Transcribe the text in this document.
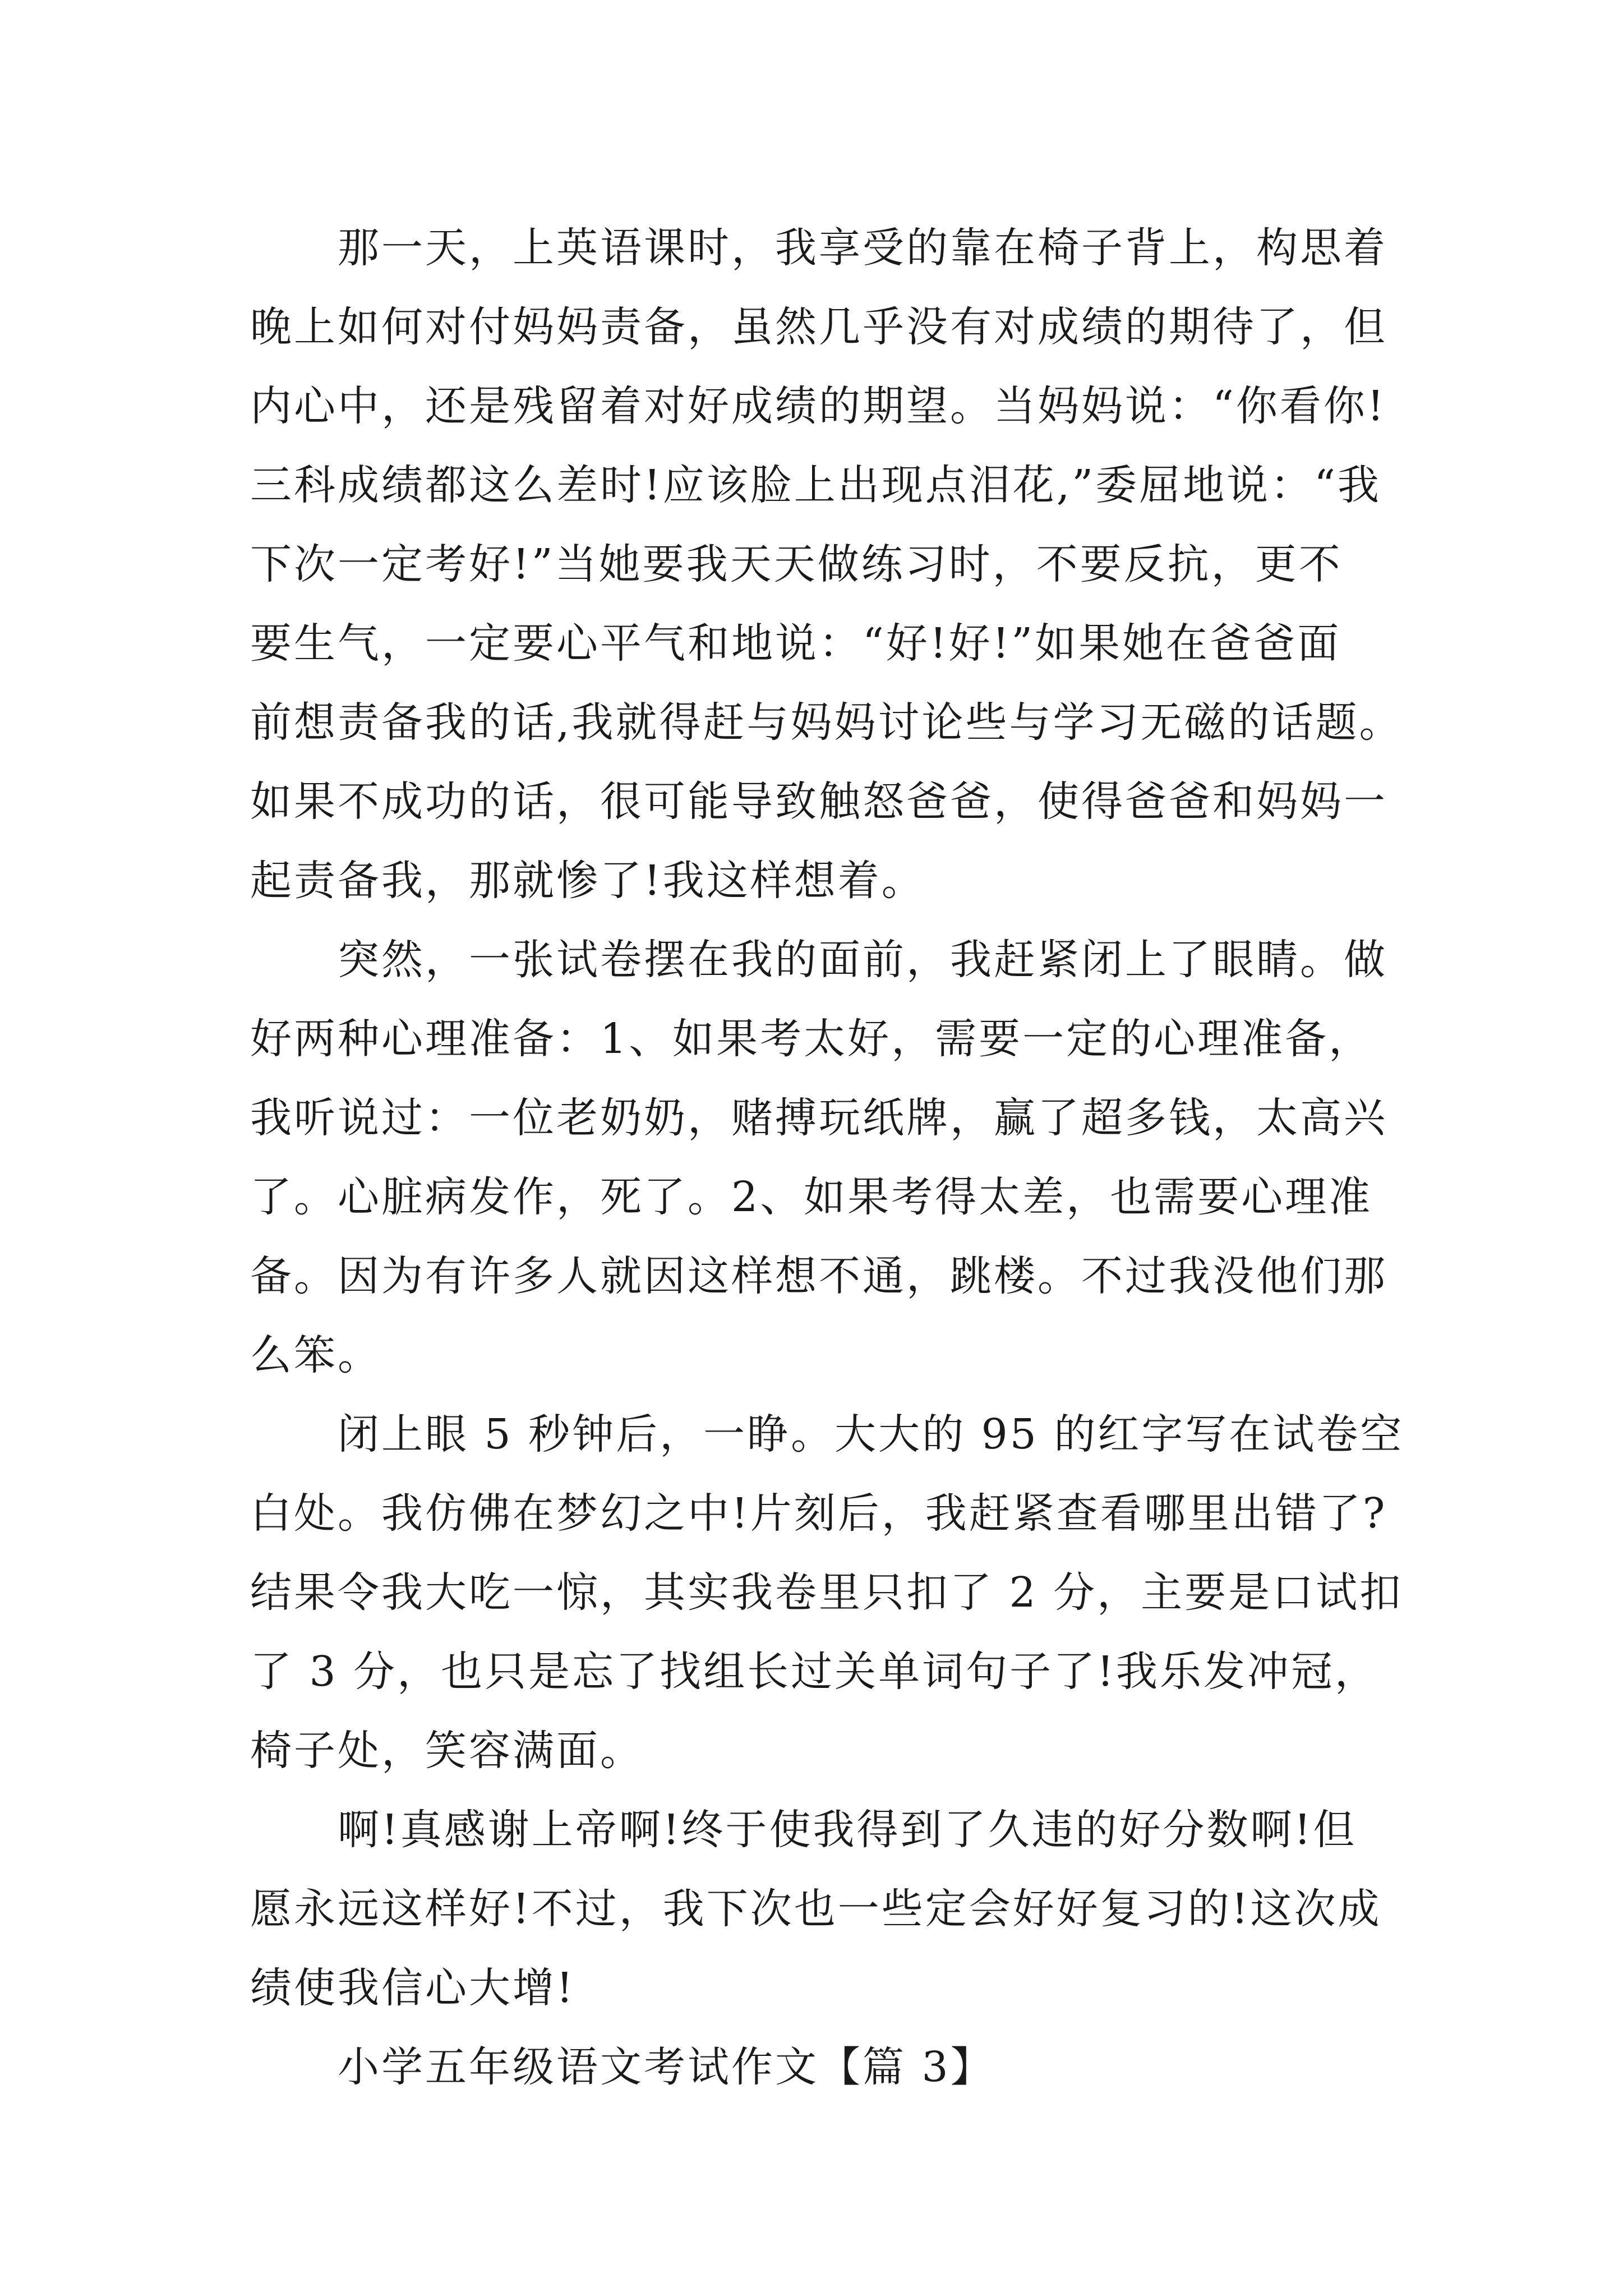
那一天，上英语课时，我享受的靠在椅子背上，构思着
晚上如何对付妈妈责备，虽然几乎没有对成绩的期待了，但
内心中，还是残留着对好成绩的期望。当妈妈说：“你看你!
三科成绩都这么差时!应该脸上出现点泪花,”委屈地说：“我
下次一定考好!”当她要我天天做练习时，不要反抗，更不
要生气，一定要心平气和地说：“好!好!”如果她在爸爸面
前想责备我的话,我就得赶与妈妈讨论些与学习无磁的话题。
如果不成功的话，很可能导致触怒爸爸，使得爸爸和妈妈一
起责备我，那就惨了!我这样想着。
突然，一张试卷摆在我的面前，我赶紧闭上了眼睛。做
好两种心理准备：1、如果考太好，需要一定的心理准备，
我听说过：一位老奶奶，赌搏玩纸牌，赢了超多钱，太高兴
了。心脏病发作，死了。2、如果考得太差，也需要心理准
备。因为有许多人就因这样想不通，跳楼。不过我没他们那
么笨。
闭上眼 5 秒钟后，一睁。大大的 95 的红字写在试卷空
白处。我仿佛在梦幻之中!片刻后，我赶紧查看哪里出错了?
结果令我大吃一惊，其实我卷里只扣了 2 分，主要是口试扣
了 3 分，也只是忘了找组长过关单词句子了!我乐发冲冠，
椅子处，笑容满面。
啊!真感谢上帝啊!终于使我得到了久违的好分数啊!但
愿永远这样好!不过，我下次也一些定会好好复习的!这次成
绩使我信心大增!
小学五年级语文考试作文【篇 3】
